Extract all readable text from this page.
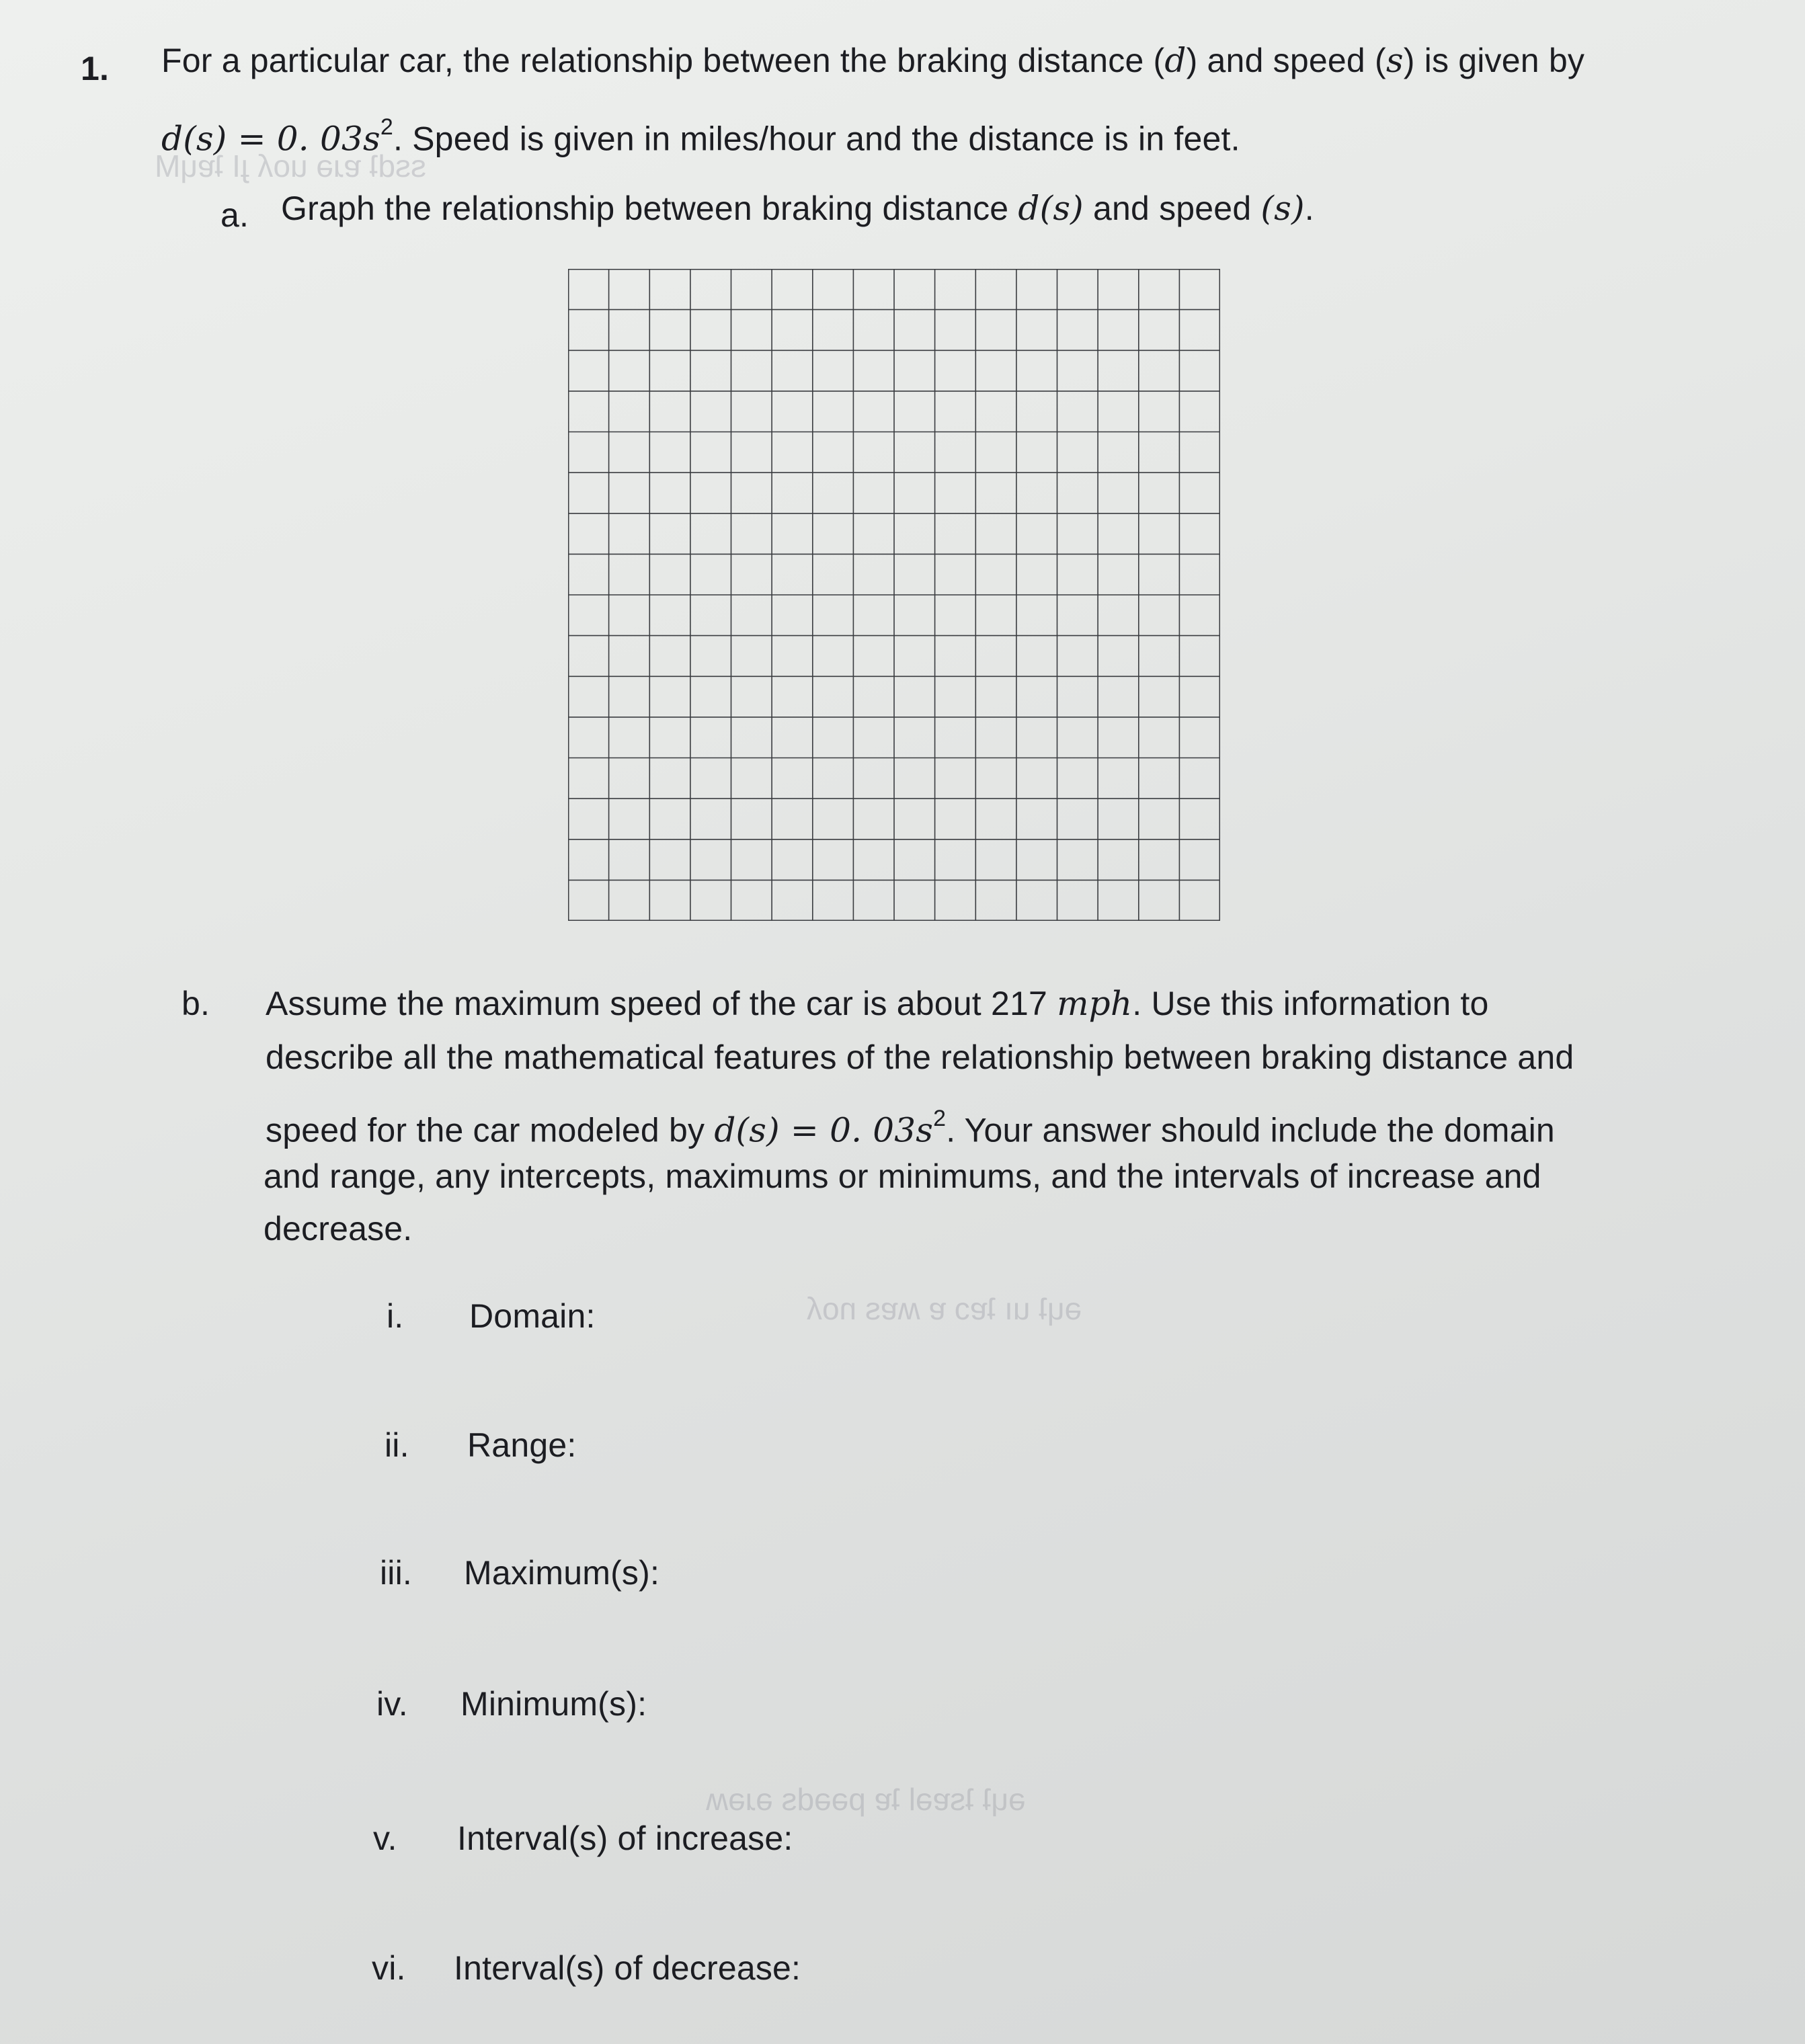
ssdʇ ɐɹǝ uoʎ ɟI ʇɐɥM
ǝɥʇ uı ʇɐɔ ɐ ʍɐs noʎ
ǝɥʇ ʇsɐǝl ʇɐ pǝǝds ǝɹǝʍ
1. For a particular car, the relationship between the braking distance (d) and speed (s) is given by
d(s) = 0. $03s^2$. Speed is given in miles/hour and the distance is in feet.
a. Graph the relationship between braking distance d(s) and speed (s).
b. Assume the maximum speed of the car is about 217 mph. Use this information to
describe all the mathematical features of the relationship between braking distance and
speed for the car modeled by d(s) = 0. $03s^2$. Your answer should include the domain
and range, any intercepts, maximums or minimums, and the intervals of increase and
decrease.
i. Domain:
ii. Range:
iii. Maximum(s):
iv. Minimum(s):
v. Interval(s) of increase:
vi. Interval(s) of decrease:
